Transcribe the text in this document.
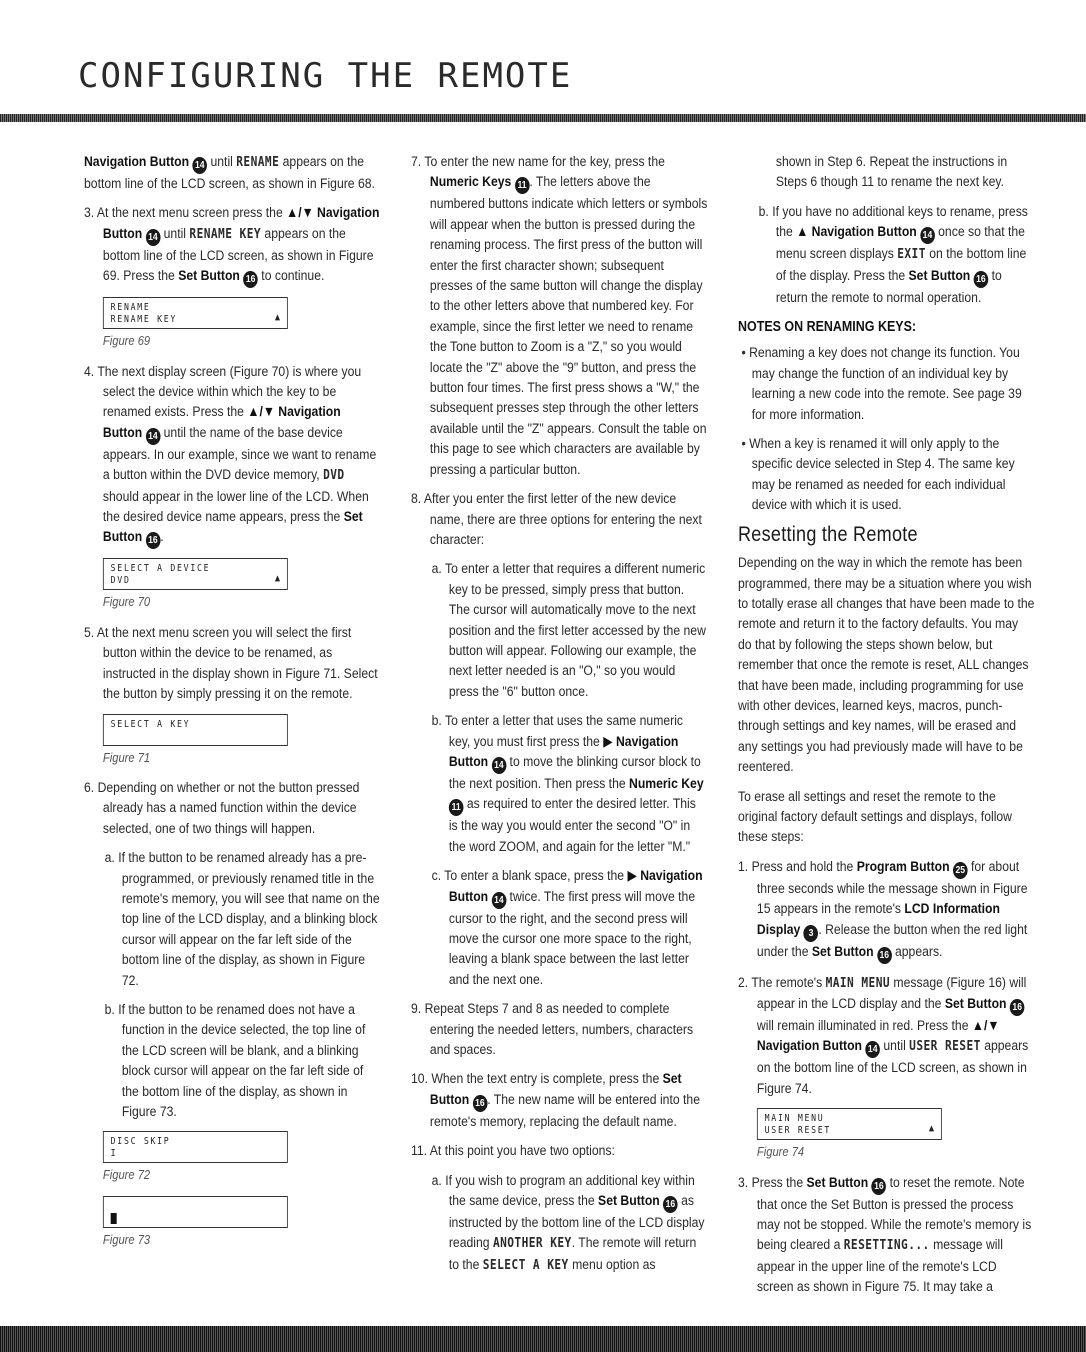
CONFIGURING THE REMOTE

Navigation Button 14 until RENAME appears on the bottom line of the LCD screen, as shown in Figure 68.

3. At the next menu screen press the ▲/▼ Navigation Button 14 until RENAME KEY appears on the bottom line of the LCD screen, as shown in Figure 69. Press the Set Button 16 to continue.

RENAME
RENAME KEY	▲
Figure 69

4. The next display screen (Figure 70) is where you select the device within which the key to be renamed exists. Press the ▲/▼ Navigation Button 14 until the name of the base device appears. In our example, since we want to rename a button within the DVD device memory, DVD should appear in the lower line of the LCD. When the desired device name appears, press the Set Button 16 .

SELECT A DEVICE
DVD	▲
Figure 70

5. At the next menu screen you will select the first button within the device to be renamed, as instructed in the display shown in Figure 71. Select the button by simply pressing it on the remote.

SELECT A KEY
Figure 71

6. Depending on whether or not the button pressed already has a named function within the device selected, one of two things will happen.

a. If the button to be renamed already has a pre-programmed, or previously renamed title in the remote's memory, you will see that name on the top line of the LCD display, and a blinking block cursor will appear on the far left side of the bottom line of the display, as shown in Figure 72.

b. If the button to be renamed does not have a function in the device selected, the top line of the LCD screen will be blank, and a blinking block cursor will appear on the far left side of the bottom line of the display, as shown in Figure 73.

DISC SKIP
I
Figure 72
Figure 73

7. To enter the new name for the key, press the Numeric Keys 11 . The letters above the numbered buttons indicate which letters or symbols will appear when the button is pressed during the renaming process. The first press of the button will enter the first character shown; subsequent presses of the same button will change the display to the other letters above that numbered key. For example, since the first letter we need to rename the Tone button to Zoom is a "Z," so you would locate the "Z" above the "9" button, and press the button four times. The first press shows a "W," the subsequent presses step through the other letters available until the "Z" appears. Consult the table on this page to see which characters are available by pressing a particular button.

8. After you enter the first letter of the new device name, there are three options for entering the next character:

a. To enter a letter that requires a different numeric key to be pressed, simply press that button. The cursor will automatically move to the next position and the first letter accessed by the new button will appear. Following our example, the next letter needed is an "O," so you would press the "6" button once.

b. To enter a letter that uses the same numeric key, you must first press the ▶ Navigation Button 14 to move the blinking cursor block to the next position. Then press the Numeric Key 11 as required to enter the desired letter. This is the way you would enter the second "O" in the word ZOOM, and again for the letter "M."

c. To enter a blank space, press the ▶ Navigation Button 14 twice. The first press will move the cursor to the right, and the second press will move the cursor one more space to the right, leaving a blank space between the last letter and the next one.

9. Repeat Steps 7 and 8 as needed to complete entering the needed letters, numbers, characters and spaces.

10. When the text entry is complete, press the Set Button 16 . The new name will be entered into the remote's memory, replacing the default name.

11. At this point you have two options:

a. If you wish to program an additional key within the same device, press the Set Button 16 as instructed by the bottom line of the LCD display reading ANOTHER KEY. The remote will return to the SELECT A KEY menu option as

shown in Step 6. Repeat the instructions in Steps 6 though 11 to rename the next key.

b. If you have no additional keys to rename, press the ▲ Navigation Button 14 once so that the menu screen displays EXIT on the bottom line of the display. Press the Set Button 16 to return the remote to normal operation.

NOTES ON RENAMING KEYS:

• Renaming a key does not change its function. You may change the function of an individual key by learning a new code into the remote. See page 39 for more information.

• When a key is renamed it will only apply to the specific device selected in Step 4. The same key may be renamed as needed for each individual device with which it is used.

Resetting the Remote

Depending on the way in which the remote has been programmed, there may be a situation where you wish to totally erase all changes that have been made to the remote and return it to the factory defaults. You may do that by following the steps shown below, but remember that once the remote is reset, ALL changes that have been made, including programming for use with other devices, learned keys, macros, punch-through settings and key names, will be erased and any settings you had previously made will have to be reentered.

To erase all settings and reset the remote to the original factory default settings and displays, follow these steps:

1. Press and hold the Program Button 25 for about three seconds while the message shown in Figure 15 appears in the remote's LCD Information Display 3 . Release the button when the red light under the Set Button 16 appears.

2. The remote's MAIN MENU message (Figure 16) will appear in the LCD display and the Set Button 16 will remain illuminated in red. Press the ▲/▼ Navigation Button 14 until USER RESET appears on the bottom line of the LCD screen, as shown in Figure 74.

MAIN MENU
USER RESET	▲
Figure 74

3. Press the Set Button 16 to reset the remote. Note that once the Set Button is pressed the process may not be stopped. While the remote's memory is being cleared a RESETTING... message will appear in the upper line of the remote's LCD screen as shown in Figure 75. It may take a
